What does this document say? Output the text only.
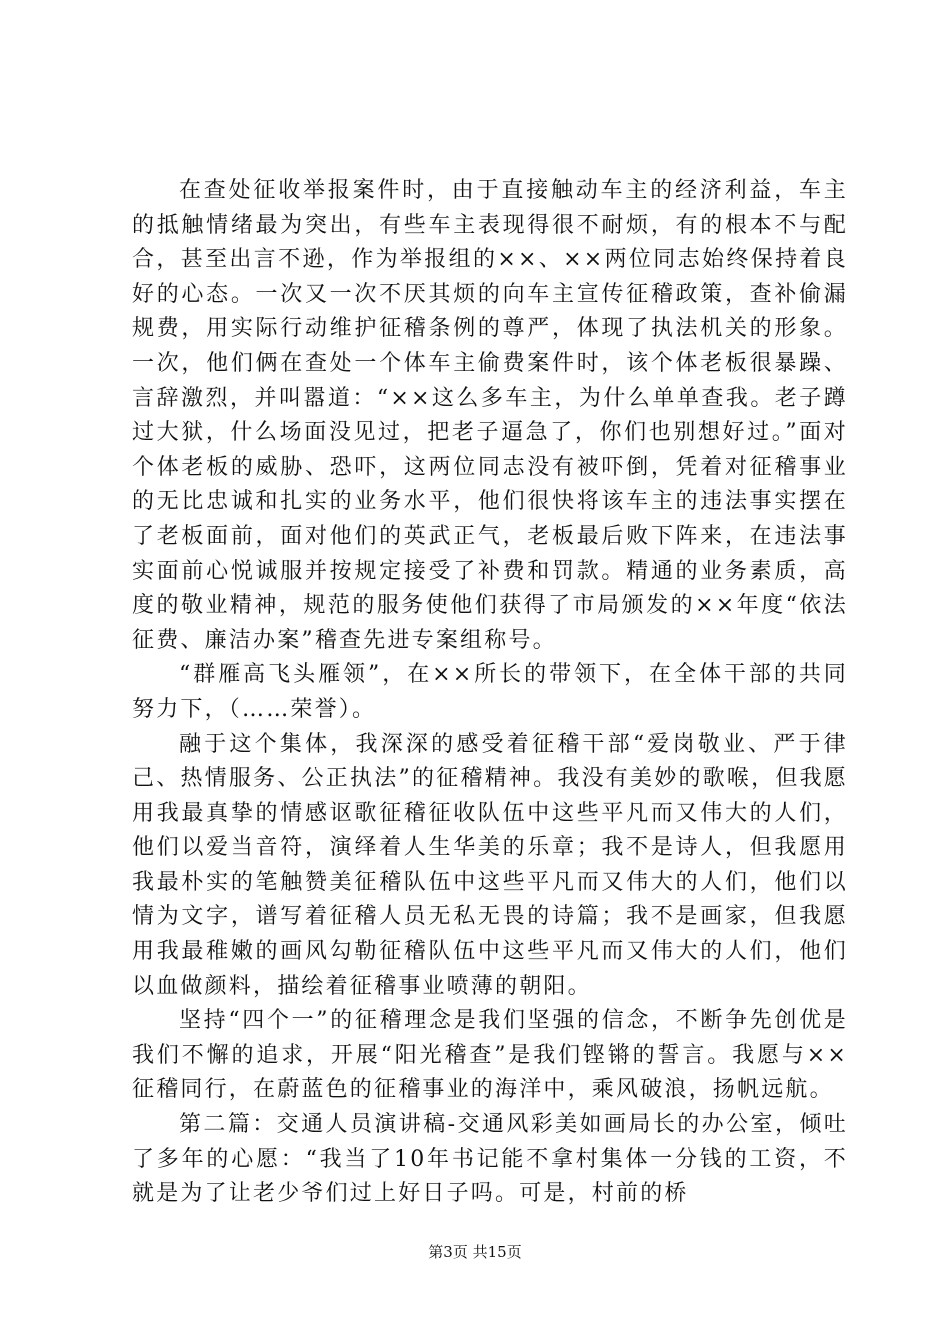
在查处征收举报案件时，由于直接触动车主的经济利益，车主的抵触情绪最为突出，有些车主表现得很不耐烦，有的根本不与配合，甚至出言不逊，作为举报组的××、××两位同志始终保持着良好的心态。一次又一次不厌其烦的向车主宣传征稽政策，查补偷漏规费，用实际行动维护征稽条例的尊严，体现了执法机关的形象。一次，他们俩在查处一个体车主偷费案件时，该个体老板很暴躁、言辞激烈，并叫嚣道：“××这么多车主，为什么单单查我。老子蹲过大狱，什么场面没见过，把老子逼急了，你们也别想好过。”面对个体老板的威胁、恐吓，这两位同志没有被吓倒，凭着对征稽事业的无比忠诚和扎实的业务水平，他们很快将该车主的违法事实摆在了老板面前，面对他们的英武正气，老板最后败下阵来，在违法事实面前心悦诚服并按规定接受了补费和罚款。精通的业务素质，高度的敬业精神，规范的服务使他们获得了市局颁发的××年度“依法征费、廉洁办案”稽查先进专案组称号。

“群雁高飞头雁领”，在××所长的带领下，在全体干部的共同努力下，（……荣誉）。

融于这个集体，我深深的感受着征稽干部“爱岗敬业、严于律己、热情服务、公正执法”的征稽精神。我没有美妙的歌喉，但我愿用我最真挚的情感讴歌征稽征收队伍中这些平凡而又伟大的人们，他们以爱当音符，演绎着人生华美的乐章；我不是诗人，但我愿用我最朴实的笔触赞美征稽队伍中这些平凡而又伟大的人们，他们以情为文字，谱写着征稽人员无私无畏的诗篇；我不是画家，但我愿用我最稚嫩的画风勾勒征稽队伍中这些平凡而又伟大的人们，他们以血做颜料，描绘着征稽事业喷薄的朝阳。

坚持“四个一”的征稽理念是我们坚强的信念，不断争先创优是我们不懈的追求，开展“阳光稽查”是我们铿锵的誓言。我愿与××征稽同行，在蔚蓝色的征稽事业的海洋中，乘风破浪，扬帆远航。

第二篇：交通人员演讲稿-交通风彩美如画局长的办公室，倾吐了多年的心愿：“我当了10年书记能不拿村集体一分钱的工资，不就是为了让老少爷们过上好日子吗。可是，村前的桥

第3页 共15页
